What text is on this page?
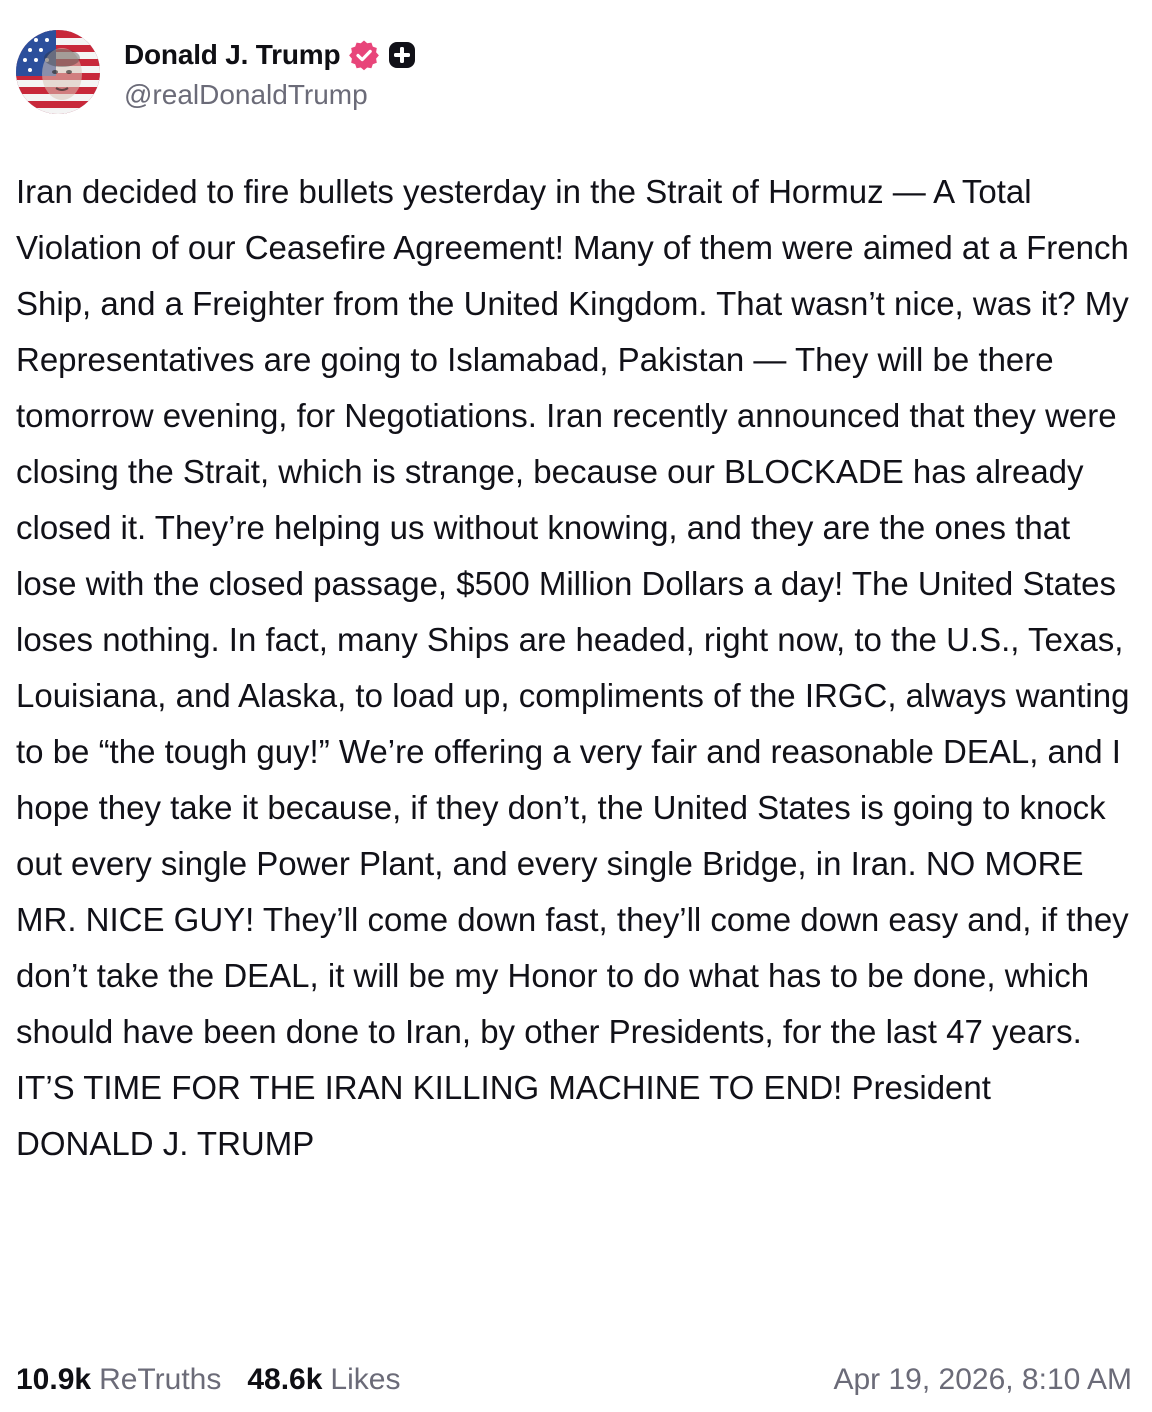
Donald J. Trump
@realDonaldTrump
Iran decided to fire bullets yesterday in the Strait of Hormuz — A Total Violation of our Ceasefire Agreement! Many of them were aimed at a French Ship, and a Freighter from the United Kingdom. That wasn’t nice, was it? My Representatives are going to Islamabad, Pakistan — They will be there tomorrow evening, for Negotiations. Iran recently announced that they were closing the Strait, which is strange, because our BLOCKADE has already closed it. They’re helping us without knowing, and they are the ones that lose with the closed passage, $500 Million Dollars a day! The United States loses nothing. In fact, many Ships are headed, right now, to the U.S., Texas, Louisiana, and Alaska, to load up, compliments of the IRGC, always wanting to be “the tough guy!” We’re offering a very fair and reasonable DEAL, and I hope they take it because, if they don’t, the United States is going to knock out every single Power Plant, and every single Bridge, in Iran. NO MORE MR. NICE GUY! They’ll come down fast, they’ll come down easy and, if they don’t take the DEAL, it will be my Honor to do what has to be done, which should have been done to Iran, by other Presidents, for the last 47 years. IT’S TIME FOR THE IRAN KILLING MACHINE TO END! President DONALD J. TRUMP
10.9k ReTruths 48.6k Likes	Apr 19, 2026, 8:10 AM
